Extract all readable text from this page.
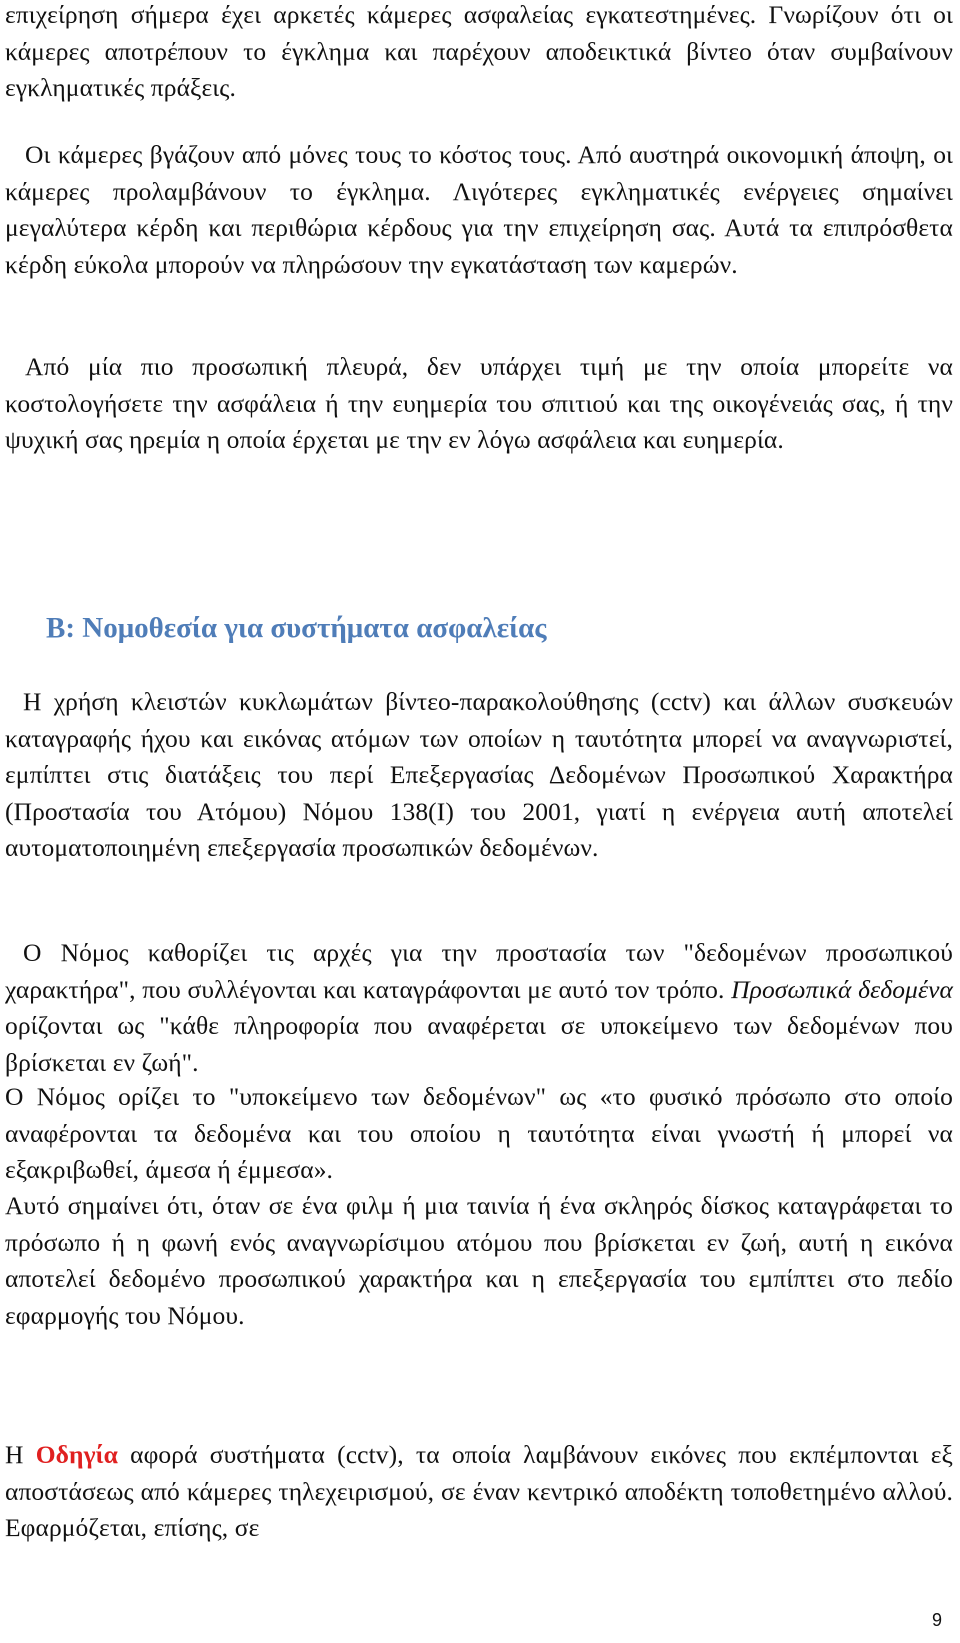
επιχείρηση σήμερα έχει αρκετές κάμερες ασφαλείας εγκατεστημένες. Γνωρίζουν ότι οι κάμερες αποτρέπουν το έγκλημα και παρέχουν αποδεικτικά βίντεο όταν συμβαίνουν εγκληματικές πράξεις.

Οι κάμερες βγάζουν από μόνες τους το κόστος τους. Από αυστηρά οικονομική άποψη, οι κάμερες προλαμβάνουν το έγκλημα. Λιγότερες εγκληματικές ενέργειες σημαίνει μεγαλύτερα κέρδη και περιθώρια κέρδους για την επιχείρηση σας. Αυτά τα επιπρόσθετα κέρδη εύκολα μπορούν να πληρώσουν την εγκατάσταση των καμερών.

Από μία πιο προσωπική πλευρά, δεν υπάρχει τιμή με την οποία μπορείτε να κοστολογήσετε την ασφάλεια ή την ευημερία του σπιτιού και της οικογένειάς σας, ή την ψυχική σας ηρεμία η οποία έρχεται με την εν λόγω ασφάλεια και ευημερία.

Β: Νομοθεσία για συστήματα ασφαλείας

Η χρήση κλειστών κυκλωμάτων βίντεο-παρακολούθησης (cctv) και άλλων συσκευών καταγραφής ήχου και εικόνας ατόμων των οποίων η ταυτότητα μπορεί να αναγνωριστεί, εμπίπτει στις διατάξεις του περί Επεξεργασίας Δεδομένων Προσωπικού Χαρακτήρα (Προστασία του Ατόμου) Νόμου 138(Ι) του 2001, γιατί η ενέργεια αυτή αποτελεί αυτοματοποιημένη επεξεργασία προσωπικών δεδομένων.

Ο Νόμος καθορίζει τις αρχές για την προστασία των "δεδομένων προσωπικού χαρακτήρα", που συλλέγονται και καταγράφονται με αυτό τον τρόπο. Προσωπικά δεδομένα ορίζονται ως "κάθε πληροφορία που αναφέρεται σε υποκείμενο των δεδομένων που βρίσκεται εν ζωή".

Ο Νόμος ορίζει το "υποκείμενο των δεδομένων" ως «το φυσικό πρόσωπο στο οποίο αναφέρονται τα δεδομένα και του οποίου η ταυτότητα είναι γνωστή ή μπορεί να εξακριβωθεί, άμεσα ή έμμεσα».

Αυτό σημαίνει ότι, όταν σε ένα φιλμ ή μια ταινία ή ένα σκληρός δίσκος καταγράφεται το πρόσωπο ή η φωνή ενός αναγνωρίσιμου ατόμου που βρίσκεται εν ζωή, αυτή η εικόνα αποτελεί δεδομένο προσωπικού χαρακτήρα και η επεξεργασία του εμπίπτει στο πεδίο εφαρμογής του Νόμου.

Η Οδηγία αφορά συστήματα (cctv), τα οποία λαμβάνουν εικόνες που εκπέμπονται εξ αποστάσεως από κάμερες τηλεχειρισμού, σε έναν κεντρικό αποδέκτη τοποθετημένο αλλού. Εφαρμόζεται, επίσης, σε

9
